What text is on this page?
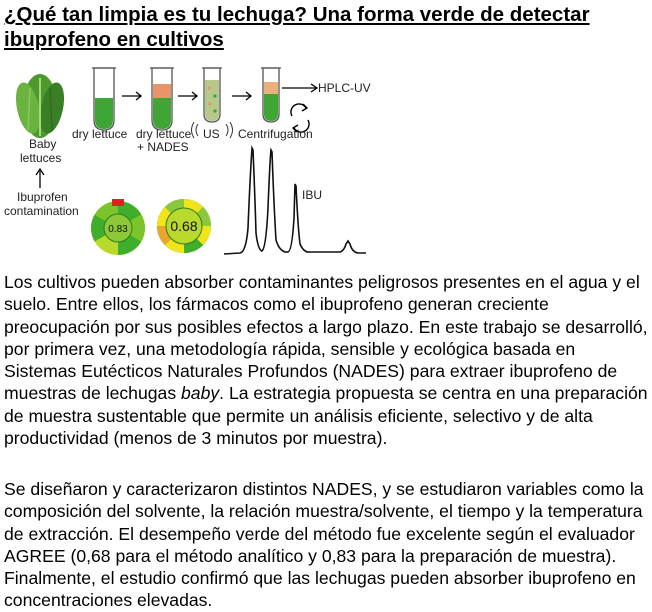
¿Qué tan limpia es tu lechuga? Una forma verde de detectar ibuprofeno en cultivos
Baby
lettuces
Ibuprofen
contamination
HPLC-UV
dry lettuce dry lettuce
+ NADES
US Centrifugation
0.83	0.68
IBU
Los cultivos pueden absorber contaminantes peligrosos presentes en el agua y el suelo. Entre ellos, los fármacos como el ibuprofeno generan creciente preocupación por sus posibles efectos a largo plazo. En este trabajo se desarrolló, por primera vez, una metodología rápida, sensible y ecológica basada en Sistemas Eutécticos Naturales Profundos (NADES) para extraer ibuprofeno de muestras de lechugas baby. La estrategia propuesta se centra en una preparación de muestra sustentable que permite un análisis eficiente, selectivo y de alta productividad (menos de 3 minutos por muestra).
Se diseñaron y caracterizaron distintos NADES, y se estudiaron variables como la composición del solvente, la relación muestra/solvente, el tiempo y la temperatura de extracción. El desempeño verde del método fue excelente según el evaluador AGREE (0,68 para el método analítico y 0,83 para la preparación de muestra). Finalmente, el estudio confirmó que las lechugas pueden absorber ibuprofeno en concentraciones elevadas.
